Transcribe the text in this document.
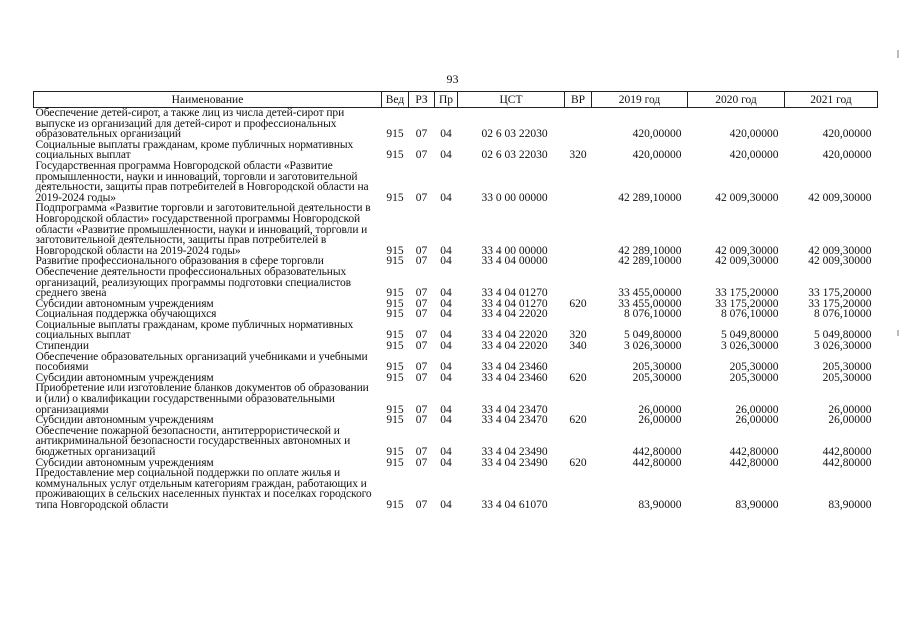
93
Наименование	Вед	РЗ	Пр	ЦСТ	ВР	2019 год	2020 год	2021 год
Обеспечение детей-сирот, а также лиц из числа детей-сирот при выпуске из организаций для детей-сирот и профессиональных образовательных организаций	915	07	04	02 6 03 22030		420,00000	420,00000	420,00000
Социальные выплаты гражданам, кроме публичных нормативных социальных выплат	915	07	04	02 6 03 22030	320	420,00000	420,00000	420,00000
Государственная программа Новгородской области «Развитие промышленности, науки и инноваций, торговли и заготовительной деятельности, защиты прав потребителей в Новгородской области на 2019-2024 годы»	915	07	04	33 0 00 00000		42 289,10000	42 009,30000	42 009,30000
Подпрограмма «Развитие торговли и заготовительной деятельности в Новгородской области» государственной программы Новгородской области «Развитие промышленности, науки и инноваций, торговли и заготовительной деятельности, защиты прав потребителей в Новгородской области на 2019-2024 годы»	915	07	04	33 4 00 00000		42 289,10000	42 009,30000	42 009,30000
Развитие профессионального образования в сфере торговли	915	07	04	33 4 04 00000		42 289,10000	42 009,30000	42 009,30000
Обеспечение деятельности профессиональных образовательных организаций, реализующих программы подготовки специалистов среднего звена	915	07	04	33 4 04 01270		33 455,00000	33 175,20000	33 175,20000
Субсидии автономным учреждениям	915	07	04	33 4 04 01270	620	33 455,00000	33 175,20000	33 175,20000
Социальная поддержка обучающихся	915	07	04	33 4 04 22020		8 076,10000	8 076,10000	8 076,10000
Социальные выплаты гражданам, кроме публичных нормативных социальных выплат	915	07	04	33 4 04 22020	320	5 049,80000	5 049,80000	5 049,80000
Стипендии	915	07	04	33 4 04 22020	340	3 026,30000	3 026,30000	3 026,30000
Обеспечение образовательных организаций учебниками и учебными пособиями	915	07	04	33 4 04 23460		205,30000	205,30000	205,30000
Субсидии автономным учреждениям	915	07	04	33 4 04 23460	620	205,30000	205,30000	205,30000
Приобретение или изготовление бланков документов об образовании и (или) о квалификации государственными образовательными организациями	915	07	04	33 4 04 23470		26,00000	26,00000	26,00000
Субсидии автономным учреждениям	915	07	04	33 4 04 23470	620	26,00000	26,00000	26,00000
Обеспечение пожарной безопасности, антитеррористической и антикриминальной безопасности государственных автономных и бюджетных организаций	915	07	04	33 4 04 23490		442,80000	442,80000	442,80000
Субсидии автономным учреждениям	915	07	04	33 4 04 23490	620	442,80000	442,80000	442,80000
Предоставление мер социальной поддержки по оплате жилья и коммунальных услуг отдельным категориям граждан, работающих и проживающих в сельских населенных пунктах и поселках городского типа Новгородской области	915	07	04	33 4 04 61070		83,90000	83,90000	83,90000
